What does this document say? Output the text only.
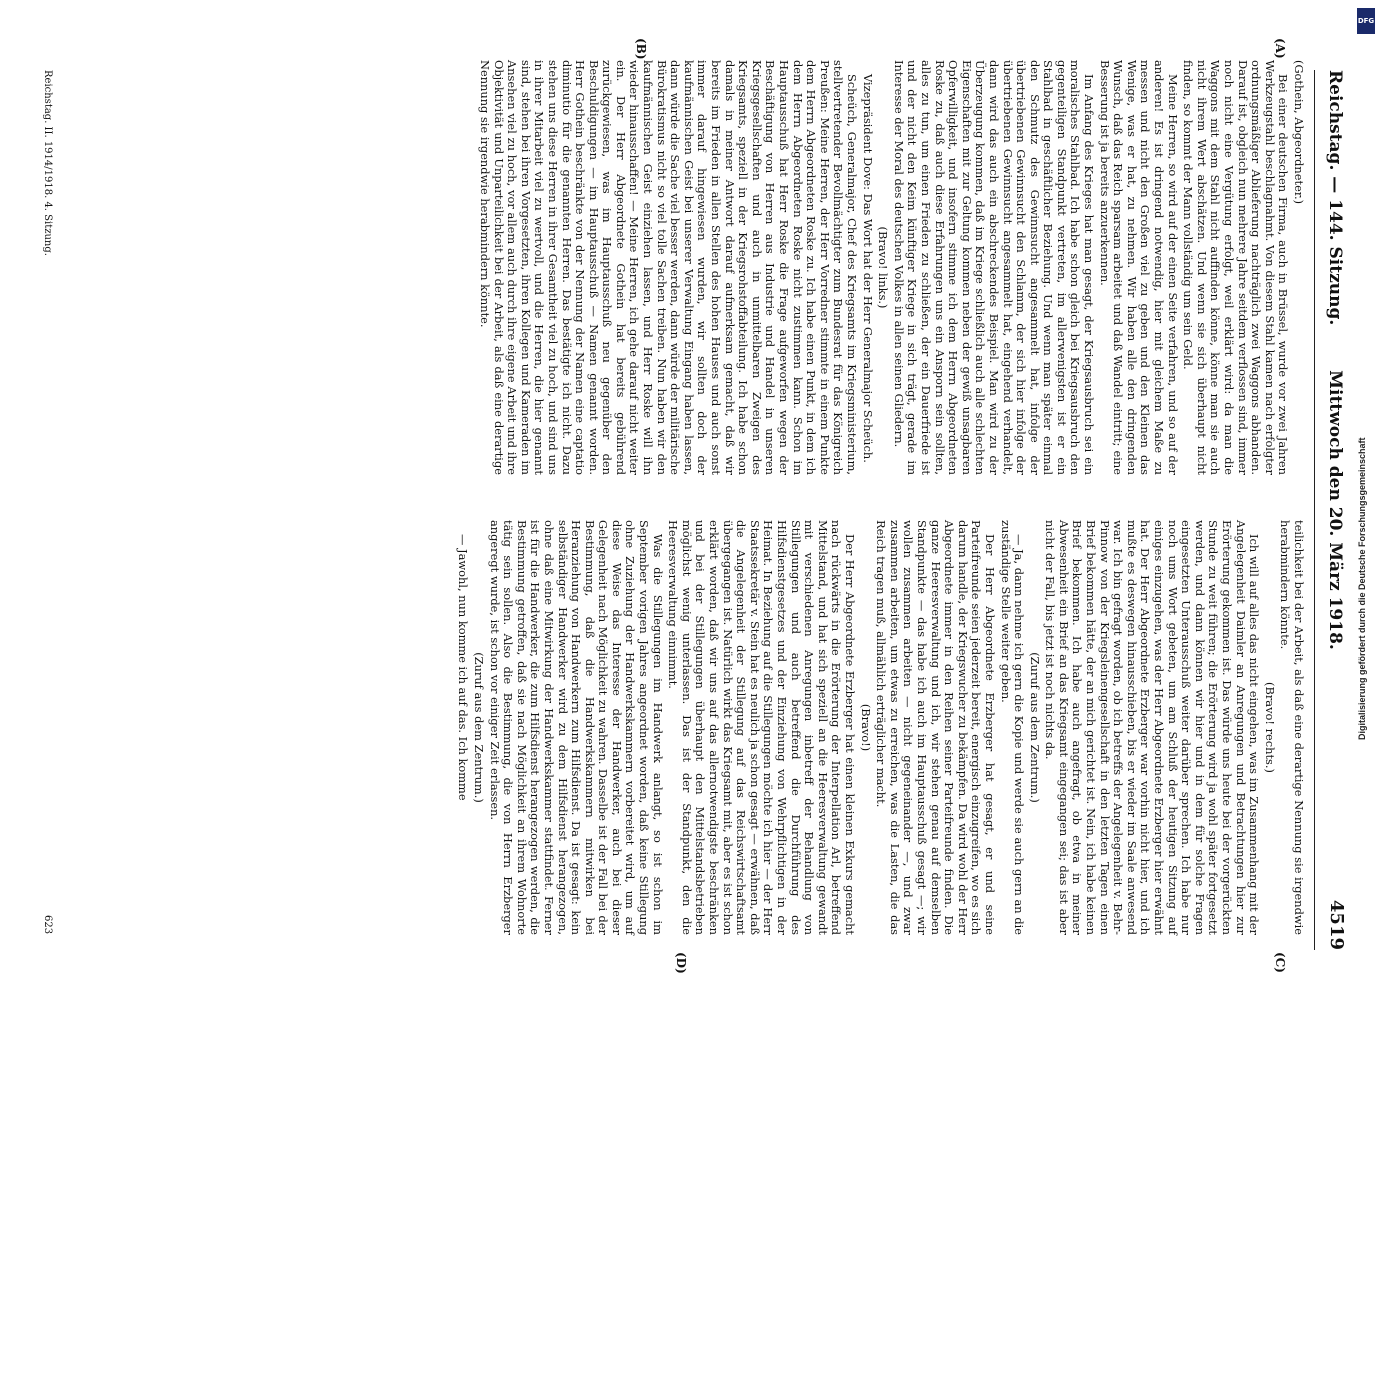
Reichstag. — 144. Sitzung.
Mittwoch den 20. März 1918.
4519
(A)
(B)
(C)
(D)

(Gothein, Abgeordneter.)

Bei einer deutschen Firma, auch in Brüssel, wurde vor zwei Jahren Werkzeugstahl beschlagnahmt. Von diesem Stahl kamen nach erfolgter ordnungsmäßiger Ablieferung nachträglich zwei Waggons abhanden. Darauf ist, obgleich nun mehrere Jahre seitdem verflossen sind, immer noch nicht eine Vergütung erfolgt, weil erklärt wird: da man die Waggons mit dem Stahl nicht auffinden könne, könne man sie auch nicht ihrem Wert abschätzen. Und wenn sie sich überhaupt nicht finden, so kommt der Mann vollständig um sein Geld.

Meine Herren, so wird auf der einen Seite verfahren, und so auf der anderen! Es ist dringend notwendig, hier mit gleichem Maße zu messen und nicht den Großen viel zu geben und den Kleinen das Wenige, was er hat, zu nehmen. Wir haben alle den dringenden Wunsch, daß das Reich sparsam arbeitet und daß Wandel eintritt; eine Besserung ist ja bereits anzuerkennen.

Im Anfang des Krieges hat man gesagt, der Kriegsausbruch sei ein moralisches Stahlbad. Ich habe schon gleich bei Kriegsausbruch den gegenteiligen Standpunkt vertreten, im allerwenigsten ist er ein Stahlbad in geschäftlicher Beziehung. Und wenn man später einmal den Schmutz des Gewinnsucht angesammelt hat, infolge der übertriebenen Gewinnsucht den Schlamm, der sich hier infolge der übertriebenen Gewinnsucht angesammelt hat, eingehend verhandelt, dann wird das auch ein abschreckendes Beispiel. Man wird zu der Überzeugung kommen, daß im Kriege schließlich auch alle schlechten Eigenschaften mit zur Geltung kommen neben der gewiß unsagbaren Opferwilligkeit, und insofern stimme ich dem Herrn Abgeordneten Roske zu, daß auch diese Erfahrungen uns ein Ansporn sein sollten, alles zu tun, um einen Frieden zu schließen, der ein Dauerfriede ist und der nicht den Keim künftiger Kriege in sich trägt, gerade im Interesse der Moral des deutschen Volkes in allen seinen Gliedern.

(Bravo! links.)

Vizepräsident Dove: Das Wort hat der Herr Generalmajor Scheüch.

Scheüch, Generalmajor, Chef des Kriegsamts im Kriegsministerium, stellvertretender Bevollmächtigter zum Bundesrat für das Königreich Preußen: Meine Herren, der Herr Vorredner stimmte in einem Punkte dem Herrn Abgeordneten Roske zu. Ich habe einen Punkt, in dem ich dem Herrn Abgeordneten Roske nicht zustimmen kann. Schon im Hauptausschuß hat Herr Roske die Frage aufgeworfen wegen der Beschäftigung von Herren aus Industrie und Handel in unseren Kriegsgesellschaften und auch in unmittelbaren Zweigen des Kriegsamts, speziell in der Kriegsrohstoffabteilung. Ich habe schon damals in meiner Antwort darauf aufmerksam gemacht, daß wir bereits im Frieden in allen Stellen des hohen Hauses und auch sonst immer darauf hingewiesen wurden, wir sollten doch der kaufmännischen Geist bei unserer Verwaltung Eingang haben lassen, dann würde die Sache viel besser werden, dann würde der militärische Bürokratismus nicht so viel tolle Sachen treiben. Nun haben wir den kaufmännischen Geist einziehen lassen, und Herr Roske will ihn wieder hinausschaffen! — Meine Herren, ich gehe darauf nicht weiter ein. Der Herr Abgeordnete Gothein hat bereits gebührend zurückgewiesen, was im Hauptausschuß neu gegenüber den Beschuldigungen — im Hauptausschuß — Namen genannt worden. Herr Gothein beschränkte von der Nennung der Namen eine captatio diminutio für die genannten Herren. Das bestätigte ich nicht. Dazu stehen uns diese Herren in ihrer Gesamtheit viel zu hoch, und sind uns in ihrer Mitarbeit viel zu wertvoll, und die Herren, die hier genannt sind, stehen bei ihren Vorgesetzten, ihren Kollegen und Kameraden im Ansehen viel zu hoch, vor allem auch durch ihre eigene Arbeit und ihre Objektivität und Unparteilichkeit bei der Arbeit, als daß eine derartige Nennung sie irgendwie herabmindern könnte.

Reichstag. II. 1914/1918. 4. Sitzung.

teilichkeit bei der Arbeit, als daß eine derartige Nennung sie irgendwie herabmindern könnte.

(Bravo! rechts.)

Ich will auf alles das nicht eingehen, was im Zusammenhang mit der Angelegenheit Daimler an Anregungen und Betrachtungen hier zur Erörterung gekommen ist. Das würde uns heute bei der vorgerückten Stunde zu weit führen; die Erörterung wird ja wohl später fortgesetzt werden, und dann können wir hier und in dem für solche Fragen eingesetzten Unterausschuß weiter darüber sprechen. Ich habe nur noch ums Wort gebeten, um am Schluß der heutigen Sitzung auf einiges einzugehen, was der Herr Abgeordnete Erzberger hier erwähnt hat. Der Herr Abgeordnete Erzberger war vorhin nicht hier, und ich mußte es deswegen hinausschieben, bis er wieder im Saale anwesend war. Ich bin gefragt worden, ob ich betreffs der Angelegenheit v. Behr-Pinnow von der Kriegsleinengesellschaft in den letzten Tagen einen Brief bekommen hätte, der an mich gerichtet ist. Nein, ich habe keinen Brief bekommen. Ich habe auch angefragt, ob etwa in meiner Abwesenheit ein Brief an das Kriegsamt eingegangen sei; das ist aber nicht der Fall, bis jetzt ist noch nichts da.

(Zuruf aus dem Zentrum.)

— Ja, dann nehme ich gern die Kopie und werde sie auch gern an die zuständige Stelle weiter geben.

Der Herr Abgeordnete Erzberger hat gesagt, er und seine Parteifreunde seien jederzeit bereit, energisch einzugreifen, wo es sich darum handle, der Kriegswucher zu bekämpfen. Da wird wohl der Herr Abgeordnete immer in den Reihen seiner Parteifreunde finden. Die ganze Heeresverwaltung und ich, wir stehen genau auf demselben Standpunkte — das habe ich auch im Hauptausschuß gesagt —; wir wollen zusammen arbeiten — nicht gegeneinander —, und zwar zusammen arbeiten, um etwas zu erreichen, was die Lasten, die das Reich tragen muß, allmählich erträglicher macht.

(Bravo!)

Der Herr Abgeordnete Erzberger hat einen kleinen Exkurs gemacht nach rückwärts in die Erörterung der Interpellation Arl, betreffend Mittelstand, und hat sich speziell an die Heeresverwaltung gewandt mit verschiedenen Anregungen inbetreff der Behandlung von Stillegungen und auch betreffend die Durchführung des Hilfsdienstgesetzes und der Einziehung von Wehrpflichtigen in der Heimat. In Beziehung auf die Stillegungen möchte ich hier — der Herr Staatssekretär v. Stein hat es neulich ja schon gesagt — erwähnen, daß die Angelegenheit der Stillegung auf das Reichswirtschaftsamt übergegangen ist. Natürlich wirkt das Kriegsamt mit, aber es ist schon erklärt worden, daß wir uns auf das allernotwendigste beschränken und bei der Stillegungen überhaupt den Mittelstandsbetrieben möglichst wenig unterlassen. Das ist der Standpunkt, den die Heeresverwaltung einnimmt.

Was die Stillegungen im Handwerk anlangt, so ist schon im September vorigen Jahres angeordnet worden, daß keine Stillegung ohne Zuziehung der Handwerkskammern vorbereitet wird, um auf diese Weise das Interesse der Handwerker, auch bei dieser Gelegenheit nach Möglichkeit zu wahren. Dasselbe ist der Fall bei der Bestimmung, daß die Handwerkskammern mitwirken bei Heranziehung von Handwerkern zum Hilfsdienst. Da ist gesagt: kein selbständiger Handwerker wird zu dem Hilfsdienst herangezogen, ohne daß eine Mitwirkung der Handwerkskammer stattfindet. Ferner ist für die Handwerker, die zum Hilfsdienst herangezogen werden, die Bestimmung getroffen, daß sie nach Möglichkeit an ihrem Wohnorte tätig sein sollen. Also die Bestimmung, die von Herrn Erzberger angeregt wurde, ist schon vor einiger Zeit erlassen.

(Zuruf aus dem Zentrum.)

— Jawohl, nun komme ich auf das. Ich komme

623
DFG
Digitalisierung gefördert durch die Deutsche Forschungsgemeinschaft
